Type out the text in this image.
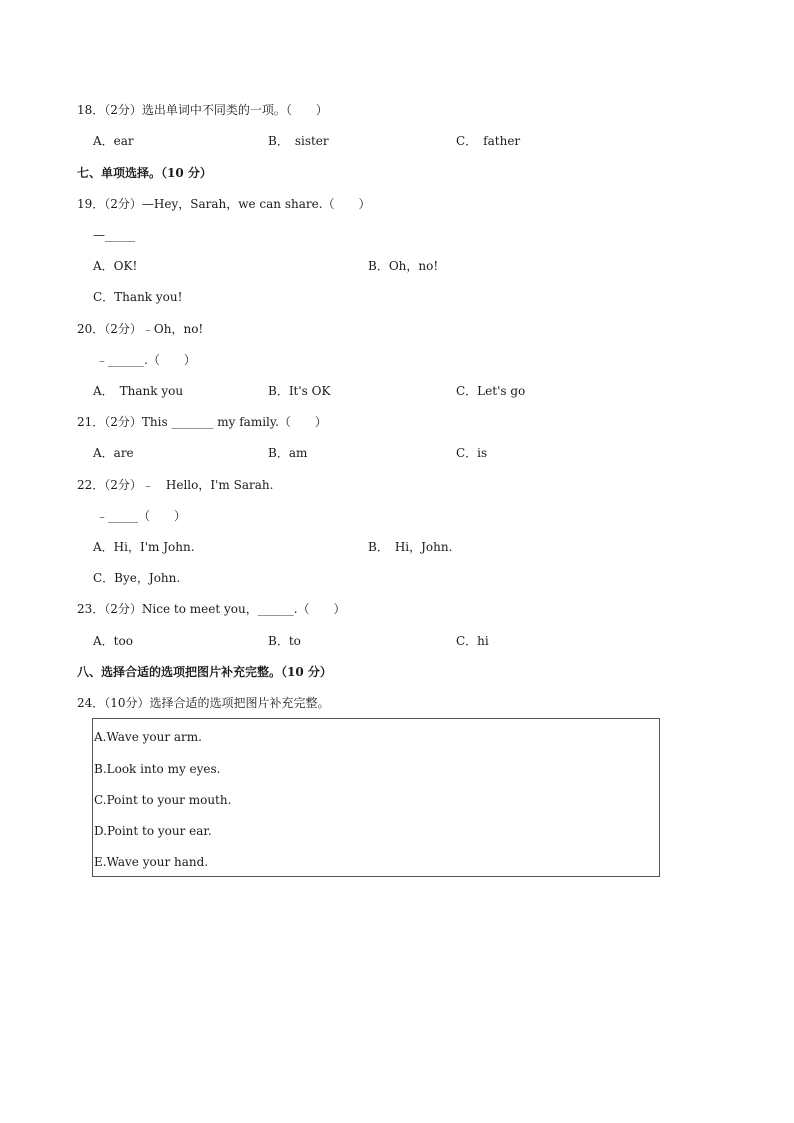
18．（2分）选出单词中不同类的一项。（　　）
A．ear	B．　sister	C．　father
七、单项选择。（10 分）
19．（2分）—Hey，Sarah，we can share.（　　）
—_____
A．OK!	B．Oh，no!
C．Thank you!
20．（2分）﹣Oh，no!
﹣______.（　　）
A．　Thank you	B．It's OK	C．Let's go
21．（2分）This _______ my family.（　　）
A．are	B．am	C．is
22．（2分）﹣　Hello，I'm Sarah.
﹣_____（　　）
A．Hi，I'm John.	B．　Hi，John.
C．Bye，John.
23．（2分）Nice to meet you，______.（　　）
A．too	B．to	C．hi
八、选择合适的选项把图片补充完整。（10 分）
24．（10分）选择合适的选项把图片补充完整。
A.Wave your arm.
B.Look into my eyes.
C.Point to your mouth.
D.Point to your ear.
E.Wave your hand.
